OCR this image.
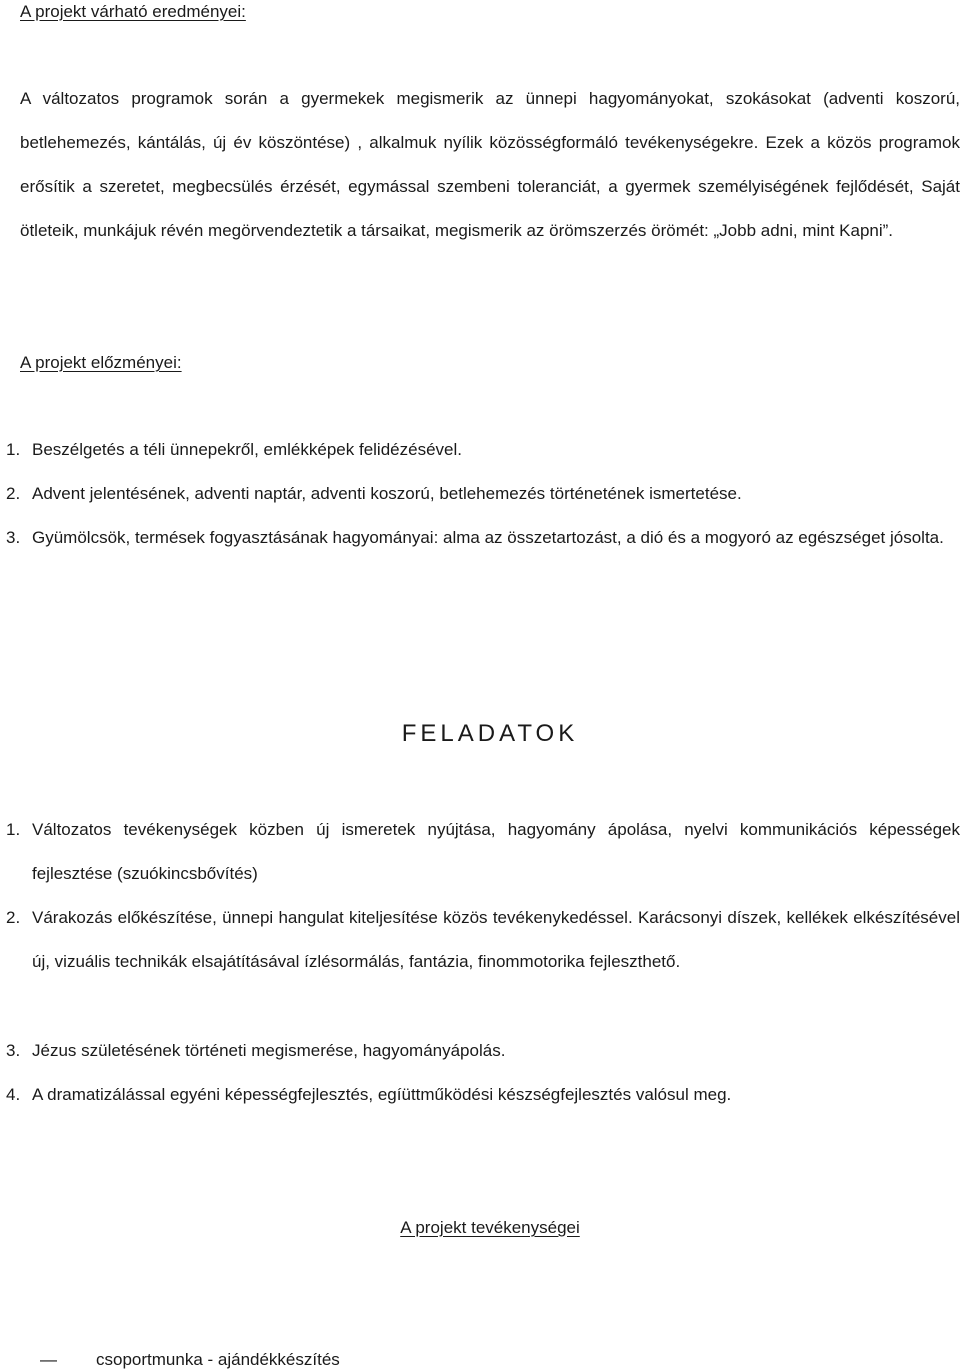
A projekt várható eredményei:

A változatos programok során a gyermekek megismerik az ünnepi hagyományokat, szokásokat (adventi koszorú, betlehemezés, kántálás, új év köszöntése) , alkalmuk nyílik közösségformáló tevékenységekre. Ezek a közös programok erősítik a szeretet, megbecsülés érzését, egymással szembeni toleranciát, a gyermek személyiségének fejlődését, Saját ötleteik, munkájuk révén megörvendeztetik a társaikat, megismerik az örömszerzés örömét: „Jobb adni, mint Kapni”.

A projekt előzményei:
1. Beszélgetés a téli ünnepekről, emlékképek felidézésével.
2. Advent jelentésének, adventi naptár, adventi koszorú, betlehemezés történetének ismertetése.
3. Gyümölcsök, termések fogyasztásának hagyományai: alma az összetartozást, a dió és a mogyoró az egészséget jósolta.
FELADATOK
1. Változatos tevékenységek közben új ismeretek nyújtása, hagyomány ápolása, nyelvi kommunikációs képességek fejlesztése (szuókincsbővítés)
2. Várakozás előkészítése, ünnepi hangulat kiteljesítése közös tevékenykedéssel. Karácsonyi díszek, kellékek elkészítésével új, vizuális technikák elsajátításával ízlésormálás, fantázia, finommotorika fejleszthető.
3. Jézus születésének történeti megismerése, hagyományápolás.
4. A dramatizálással egyéni képességfejlesztés, egíüttműködési készségfejlesztés valósul meg.
A projekt tevékenységei
—	csoportmunka - ajándékkészítés
